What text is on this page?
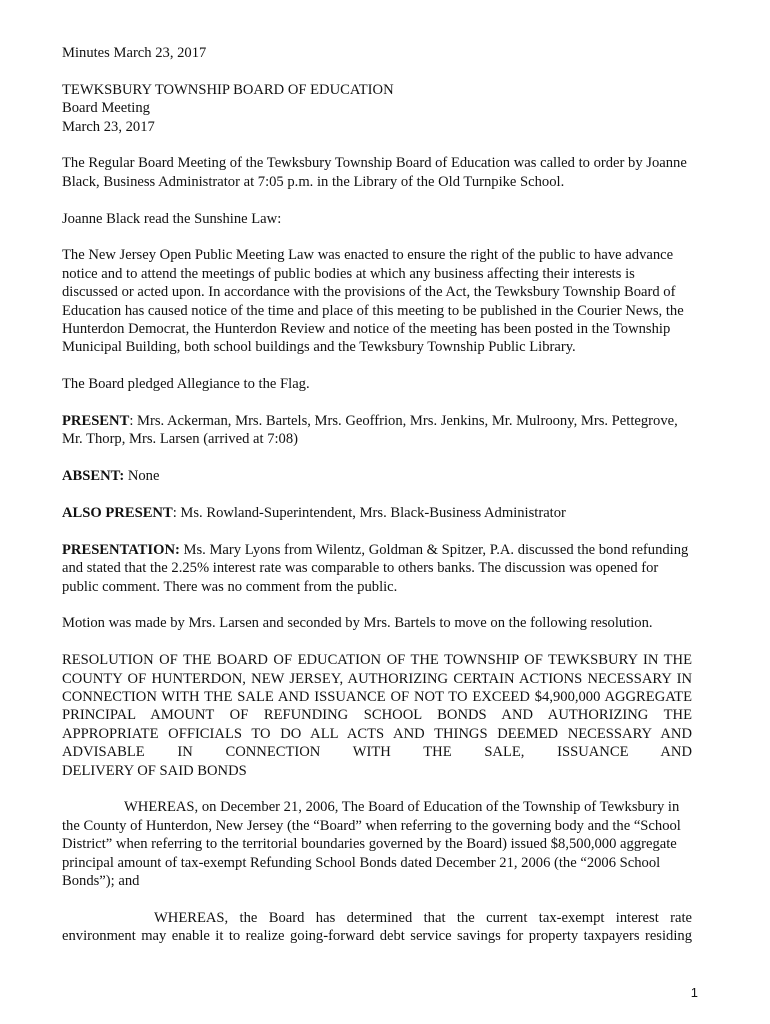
Minutes March 23, 2017

TEWKSBURY TOWNSHIP BOARD OF EDUCATION

Board Meeting

March 23, 2017

The Regular Board Meeting of the Tewksbury Township Board of Education was called to order by Joanne Black, Business Administrator at 7:05 p.m. in the Library of the Old Turnpike School.

Joanne Black read the Sunshine Law:

The New Jersey Open Public Meeting Law was enacted to ensure the right of the public to have advance notice and to attend the meetings of public bodies at which any business affecting their interests is discussed or acted upon. In accordance with the provisions of the Act, the Tewksbury Township Board of Education has caused notice of the time and place of this meeting to be published in the Courier News, the Hunterdon Democrat, the Hunterdon Review and notice of the meeting has been posted in the Township Municipal Building, both school buildings and the Tewksbury Township Public Library.

The Board pledged Allegiance to the Flag.

PRESENT: Mrs. Ackerman, Mrs. Bartels, Mrs. Geoffrion, Mrs. Jenkins, Mr. Mulroony, Mrs. Pettegrove, Mr. Thorp, Mrs. Larsen (arrived at 7:08)

ABSENT: None

ALSO PRESENT: Ms. Rowland-Superintendent, Mrs. Black-Business Administrator

PRESENTATION: Ms. Mary Lyons from Wilentz, Goldman & Spitzer, P.A. discussed the bond refunding and stated that the 2.25% interest rate was comparable to others banks. The discussion was opened for public comment. There was no comment from the public.

Motion was made by Mrs. Larsen and seconded by Mrs. Bartels to move on the following resolution.

RESOLUTION OF THE BOARD OF EDUCATION OF THE TOWNSHIP OF TEWKSBURY IN THE COUNTY OF HUNTERDON, NEW JERSEY, AUTHORIZING CERTAIN ACTIONS NECESSARY IN CONNECTION WITH THE SALE AND ISSUANCE OF NOT TO EXCEED $4,900,000 AGGREGATE PRINCIPAL AMOUNT OF REFUNDING SCHOOL BONDS AND AUTHORIZING THE APPROPRIATE OFFICIALS TO DO ALL ACTS AND THINGS DEEMED NECESSARY AND ADVISABLE IN CONNECTION WITH THE SALE, ISSUANCE AND

DELIVERY OF SAID BONDS

WHEREAS, on December 21, 2006, The Board of Education of the Township of Tewksbury in the County of Hunterdon, New Jersey (the “Board” when referring to the governing body and the “School District” when referring to the territorial boundaries governed by the Board) issued $8,500,000 aggregate principal amount of tax-exempt Refunding School Bonds dated December 21, 2006 (the “2006 School Bonds”); and

WHEREAS, the Board has determined that the current tax-exempt interest rate environment may enable it to realize going-forward debt service savings for property taxpayers residing

1
